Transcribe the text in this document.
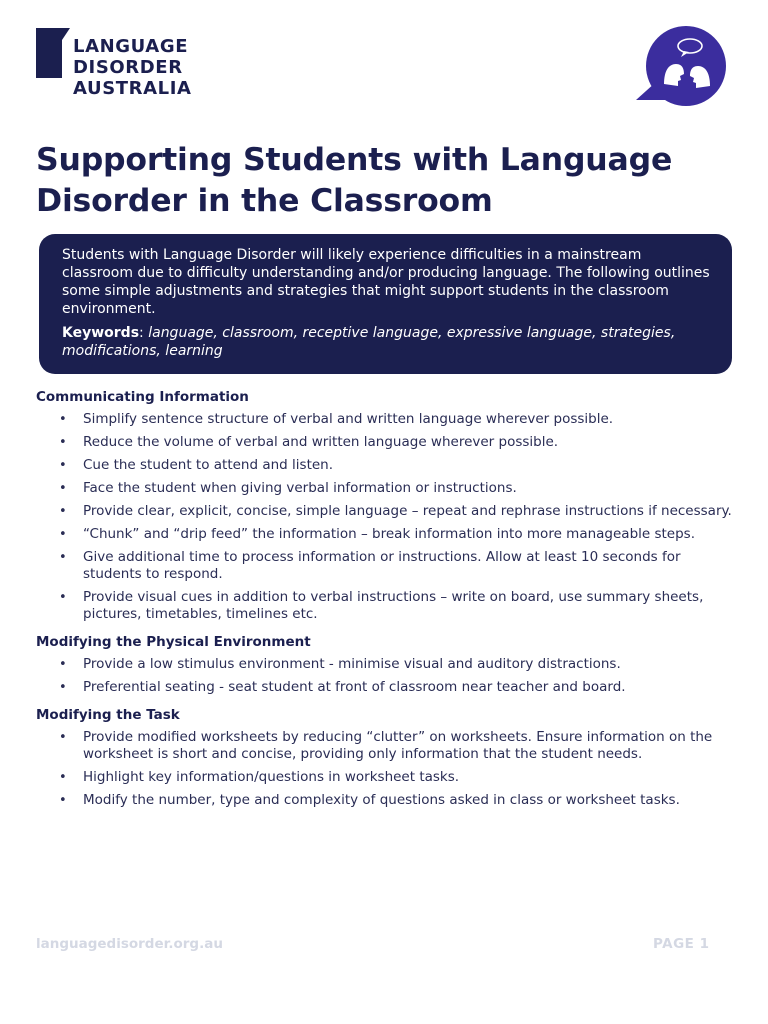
LANGUAGE
DISORDER
AUSTRALIA
Supporting Students with Language Disorder in the Classroom

Students with Language Disorder will likely experience difficulties in a mainstream classroom due to difficulty understanding and/or producing language. The following outlines some simple adjustments and strategies that might support students in the classroom environment.

Keywords: language, classroom, receptive language, expressive language, strategies, modifications, learning

Communicating Information
• Simplify sentence structure of verbal and written language wherever possible.
• Reduce the volume of verbal and written language wherever possible.
• Cue the student to attend and listen.
• Face the student when giving verbal information or instructions.
• Provide clear, explicit, concise, simple language – repeat and rephrase instructions if necessary.
• “Chunk” and “drip feed” the information – break information into more manageable steps.
• Give additional time to process information or instructions. Allow at least 10 seconds for students to respond.
• Provide visual cues in addition to verbal instructions – write on board, use summary sheets, pictures, timetables, timelines etc.
Modifying the Physical Environment
• Provide a low stimulus environment - minimise visual and auditory distractions.
• Preferential seating - seat student at front of classroom near teacher and board.
Modifying the Task
• Provide modified worksheets by reducing “clutter” on worksheets. Ensure information on the worksheet is short and concise, providing only information that the student needs.
• Highlight key information/questions in worksheet tasks.
• Modify the number, type and complexity of questions asked in class or worksheet tasks.
languagedisorder.org.au	PAGE 1
